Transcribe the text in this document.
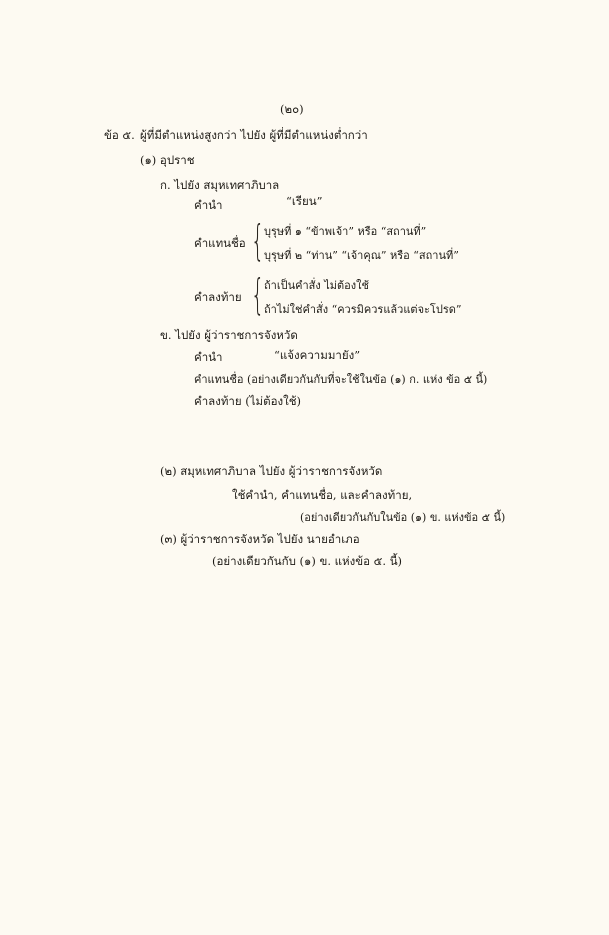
(๒๐)
ข้อ ๕. ผู้ที่มีตำแหน่งสูงกว่า ไปยัง ผู้ที่มีตำแหน่งต่ำกว่า
(๑) อุปราช
ก. ไปยัง สมุหเทศาภิบาล
คำนำ	“เรียน”
คำแทนชื่อ { บุรุษที่ ๑ “ข้าพเจ้า” หรือ “สถานที่”
บุรุษที่ ๒ “ท่าน” “เจ้าคุณ” หรือ “สถานที่”
คำลงท้าย { ถ้าเป็นคำสั่ง ไม่ต้องใช้
ถ้าไม่ใช่คำสั่ง “ควรมิควรแล้วแต่จะโปรด”
ข. ไปยัง ผู้ว่าราชการจังหวัด
คำนำ	“แจ้งความมายัง”
คำแทนชื่อ (อย่างเดียวกันกับที่จะใช้ในข้อ (๑) ก. แห่ง ข้อ ๕ นี้)
คำลงท้าย (ไม่ต้องใช้)
(๒) สมุหเทศาภิบาล ไปยัง ผู้ว่าราชการจังหวัด
ใช้คำนำ, คำแทนชื่อ, และคำลงท้าย,
(อย่างเดียวกันกับในข้อ (๑) ข. แห่งข้อ ๕ นี้)
(๓) ผู้ว่าราชการจังหวัด ไปยัง นายอำเภอ
(อย่างเดียวกันกับ (๑) ข. แห่งข้อ ๕. นี้)
